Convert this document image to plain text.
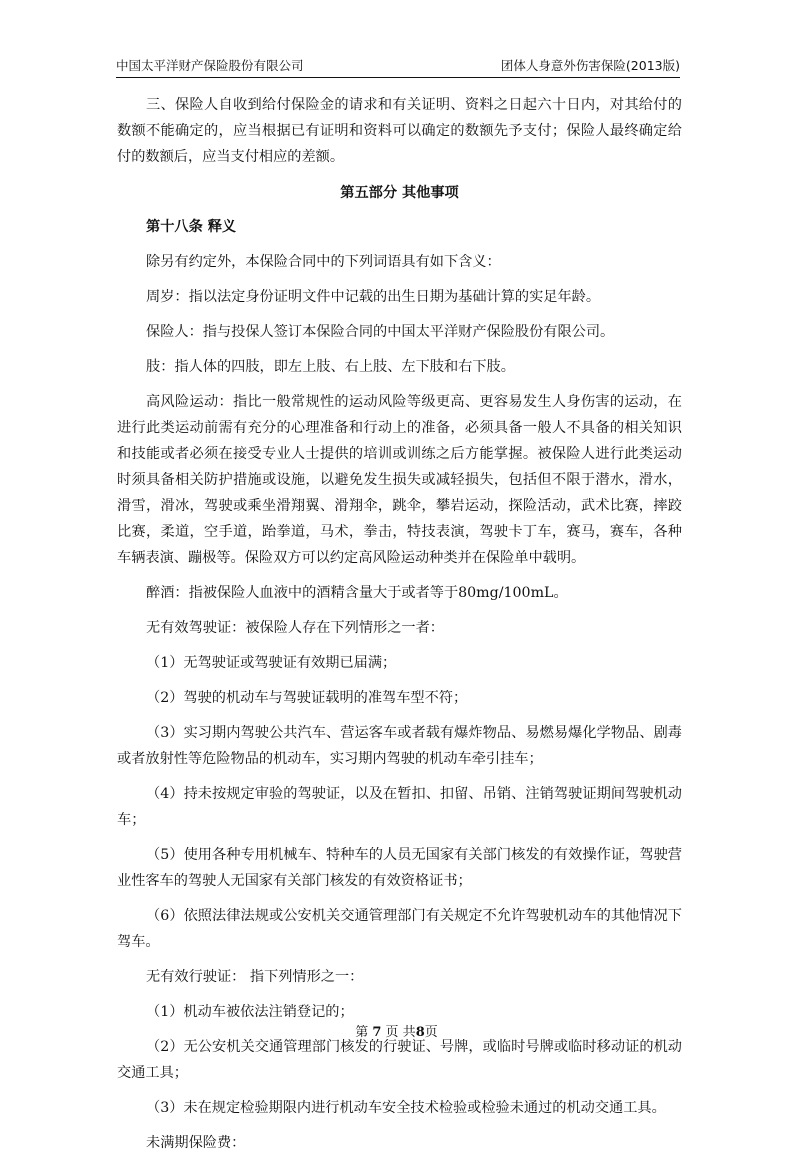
中国太平洋财产保险股份有限公司	团体人身意外伤害保险(2013版)

三、保险人自收到给付保险金的请求和有关证明、资料之日起六十日内，对其给付的数额不能确定的，应当根据已有证明和资料可以确定的数额先予支付；保险人最终确定给付的数额后，应当支付相应的差额。

第五部分 其他事项
第十八条 释义

除另有约定外，本保险合同中的下列词语具有如下含义：

周岁：指以法定身份证明文件中记载的出生日期为基础计算的实足年龄。

保险人：指与投保人签订本保险合同的中国太平洋财产保险股份有限公司。

肢：指人体的四肢，即左上肢、右上肢、左下肢和右下肢。

高风险运动：指比一般常规性的运动风险等级更高、更容易发生人身伤害的运动，在进行此类运动前需有充分的心理准备和行动上的准备，必须具备一般人不具备的相关知识和技能或者必须在接受专业人士提供的培训或训练之后方能掌握。被保险人进行此类运动时须具备相关防护措施或设施，以避免发生损失或减轻损失，包括但不限于潜水，滑水，滑雪，滑冰，驾驶或乘坐滑翔翼、滑翔伞，跳伞，攀岩运动，探险活动，武术比赛，摔跤比赛，柔道，空手道，跆拳道，马术，拳击，特技表演，驾驶卡丁车，赛马，赛车，各种车辆表演、蹦极等。保险双方可以约定高风险运动种类并在保险单中载明。

醉酒：指被保险人血液中的酒精含量大于或者等于80mg/100mL。

无有效驾驶证：被保险人存在下列情形之一者：

（1）无驾驶证或驾驶证有效期已届满；

（2）驾驶的机动车与驾驶证载明的准驾车型不符；

（3）实习期内驾驶公共汽车、营运客车或者载有爆炸物品、易燃易爆化学物品、剧毒或者放射性等危险物品的机动车，实习期内驾驶的机动车牵引挂车；

（4）持未按规定审验的驾驶证，以及在暂扣、扣留、吊销、注销驾驶证期间驾驶机动车；

（5）使用各种专用机械车、特种车的人员无国家有关部门核发的有效操作证，驾驶营业性客车的驾驶人无国家有关部门核发的有效资格证书；

（6）依照法律法规或公安机关交通管理部门有关规定不允许驾驶机动车的其他情况下驾车。

无有效行驶证： 指下列情形之一：

（1）机动车被依法注销登记的；

（2）无公安机关交通管理部门核发的行驶证、号牌，或临时号牌或临时移动证的机动交通工具；

（3）未在规定检验期限内进行机动车安全技术检验或检验未通过的机动交通工具。

未满期保险费：

第 7 页 共8页
